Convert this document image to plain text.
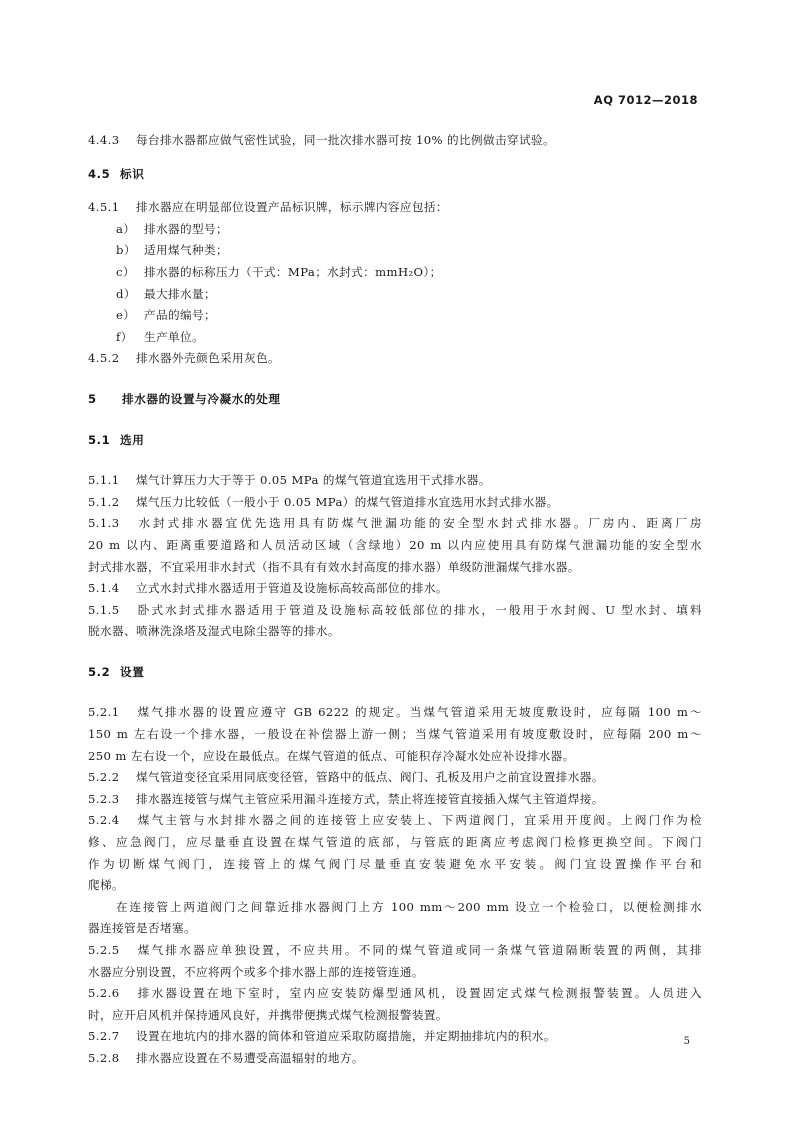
AQ 7012—2018
4.4.3 每台排水器都应做气密性试验，同一批次排水器可按 10% 的比例做击穿试验。
4.5 标识
4.5.1 排水器应在明显部位设置产品标识牌，标示牌内容应包括：
a） 排水器的型号；
b） 适用煤气种类；
c） 排水器的标称压力（干式：MPa；水封式：mmH₂O）；
d） 最大排水量；
e） 产品的编号；
f） 生产单位。
4.5.2 排水器外壳颜色采用灰色。
5 排水器的设置与冷凝水的处理
5.1 选用
5.1.1 煤气计算压力大于等于 0.05 MPa 的煤气管道宜选用干式排水器。
5.1.2 煤气压力比较低（一般小于 0.05 MPa）的煤气管道排水宜选用水封式排水器。
5.1.3 水封式排水器宜优先选用具有防煤气泄漏功能的安全型水封式排水器。厂房内、距离厂房
20 m 以内、距离重要道路和人员活动区域（含绿地）20 m 以内应使用具有防煤气泄漏功能的安全型水
封式排水器，不宜采用非水封式（指不具有有效水封高度的排水器）单级防泄漏煤气排水器。
5.1.4 立式水封式排水器适用于管道及设施标高较高部位的排水。
5.1.5 卧式水封式排水器适用于管道及设施标高较低部位的排水，一般用于水封阀、U 型水封、填料
脱水器、喷淋洗涤塔及湿式电除尘器等的排水。
5.2 设置
5.2.1 煤气排水器的设置应遵守 GB 6222 的规定。当煤气管道采用无坡度敷设时，应每隔 100 m～
150 m 左右设一个排水器，一般设在补偿器上游一侧；当煤气管道采用有坡度敷设时，应每隔 200 m～
250 m 左右设一个，应设在最低点。在煤气管道的低点、可能积存冷凝水处应补设排水器。
5.2.2 煤气管道变径宜采用同底变径管，管路中的低点、阀门、孔板及用户之前宜设置排水器。
5.2.3 排水器连接管与煤气主管应采用漏斗连接方式，禁止将连接管直接插入煤气主管道焊接。
5.2.4 煤气主管与水封排水器之间的连接管上应安装上、下两道阀门，宜采用开度阀。上阀门作为检
修、应急阀门，应尽量垂直设置在煤气管道的底部，与管底的距离应考虑阀门检修更换空间。下阀门
作为切断煤气阀门，连接管上的煤气阀门尽量垂直安装避免水平安装。阀门宜设置操作平台和
爬梯。
在连接管上两道阀门之间靠近排水器阀门上方 100 mm～200 mm 设立一个检验口，以便检测排水
器连接管是否堵塞。
5.2.5 煤气排水器应单独设置，不应共用。不同的煤气管道或同一条煤气管道隔断装置的两侧，其排
水器应分别设置，不应将两个或多个排水器上部的连接管连通。
5.2.6 排水器设置在地下室时，室内应安装防爆型通风机，设置固定式煤气检测报警装置。人员进入
时，应开启风机并保持通风良好，并携带便携式煤气检测报警装置。
5.2.7 设置在地坑内的排水器的筒体和管道应采取防腐措施，并定期抽排坑内的积水。
5.2.8 排水器应设置在不易遭受高温辐射的地方。
5
